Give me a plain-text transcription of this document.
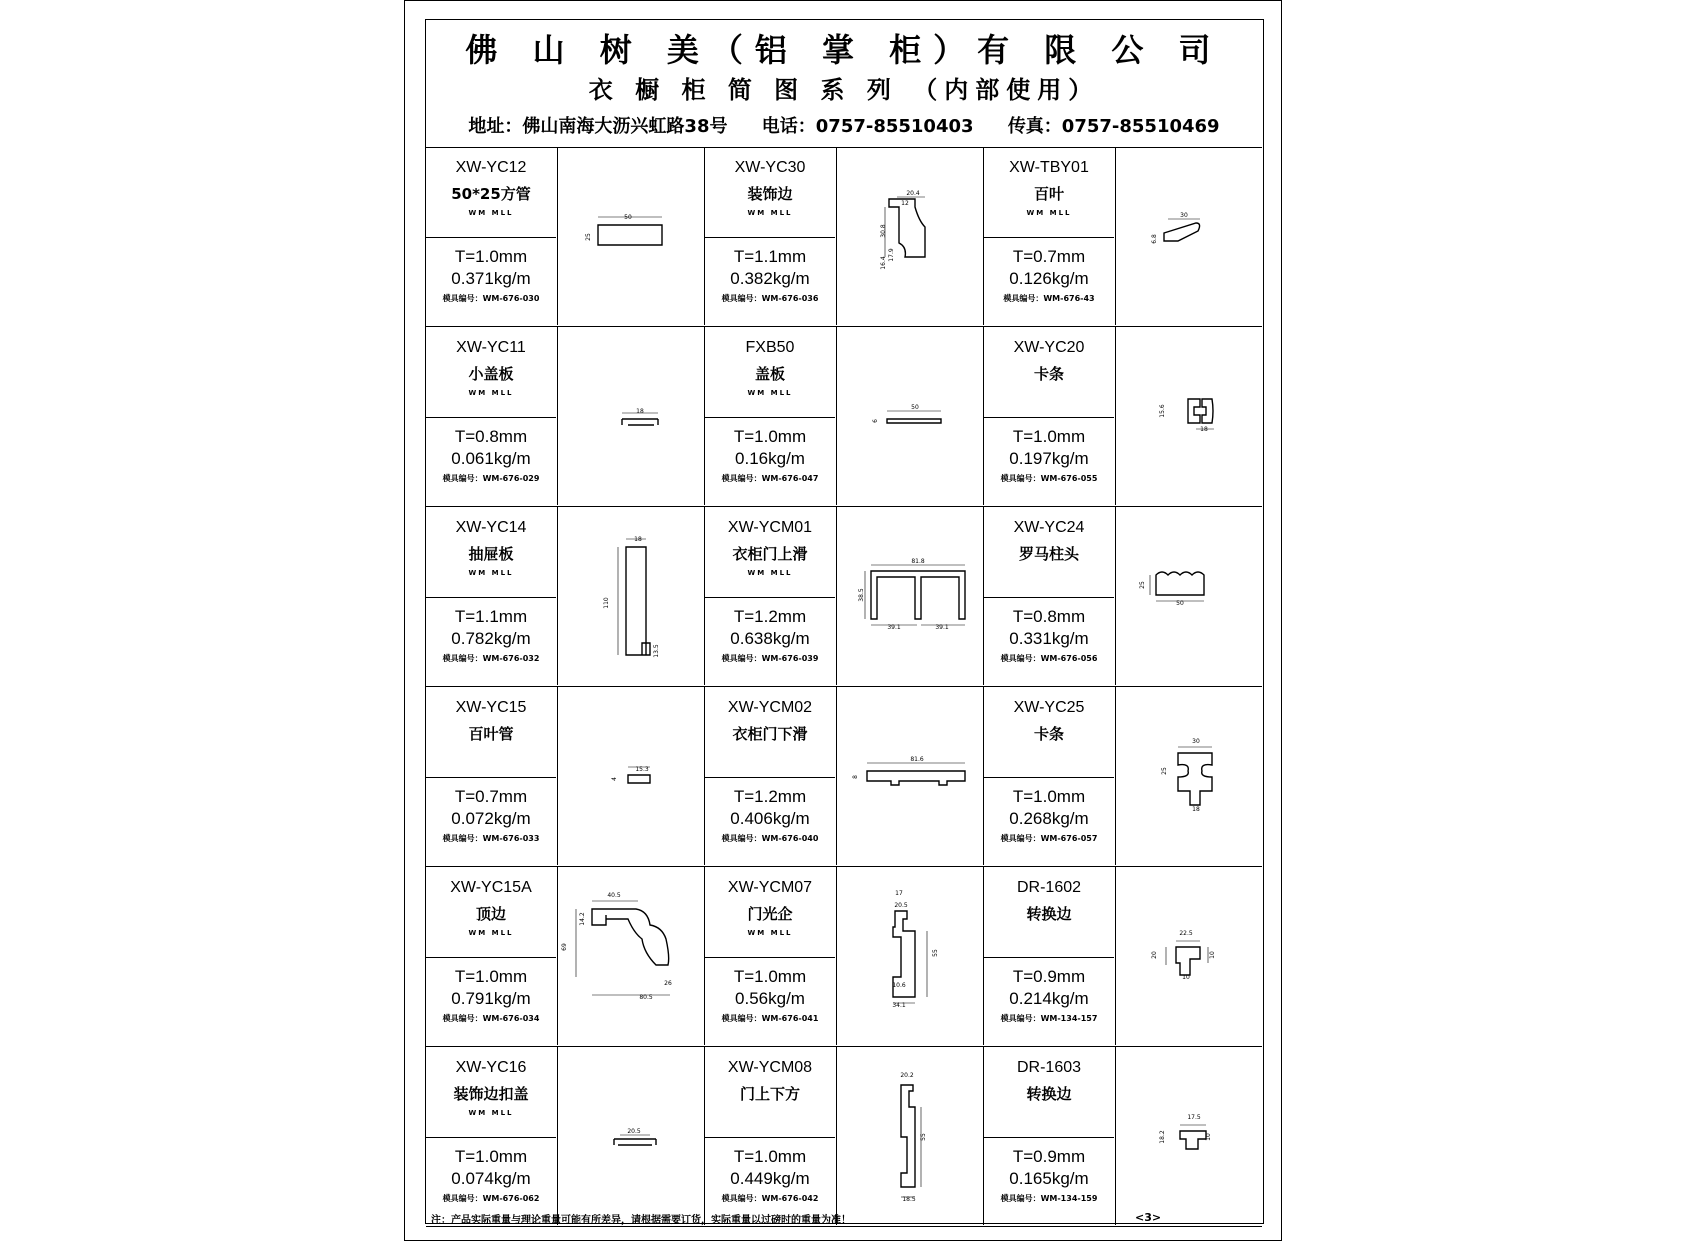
佛 山 树 美（铝 掌 柜）有 限 公 司
衣 橱 柜 简 图 系 列 （内部使用）
地址：佛山南海大沥兴虹路38号 电话：0757-85510403 传真：0757-85510469
XW-YC12
50*25方管
WM MLL
T=1.0mm
0.371kg/m
模具编号：WM-676-030
50
25
XW-YC30
装饰边
WM MLL
T=1.1mm
0.382kg/m
模具编号：WM-676-036
20.4
12
30.8
17.9
16.4
XW-TBY01
百叶
WM MLL
T=0.7mm
0.126kg/m
模具编号：WM-676-43
30
6.8
XW-YC11
小盖板
WM MLL
T=0.8mm
0.061kg/m
模具编号：WM-676-029
18
FXB50
盖板
WM MLL
T=1.0mm
0.16kg/m
模具编号：WM-676-047
50
6
XW-YC20
卡条
T=1.0mm
0.197kg/m
模具编号：WM-676-055
15.6
18
XW-YC14
抽屉板
WM MLL
T=1.1mm
0.782kg/m
模具编号：WM-676-032
18
110
13.5
XW-YCM01
衣柜门上滑
WM MLL
T=1.2mm
0.638kg/m
模具编号：WM-676-039
81.8
38.5
39.1	39.1
XW-YC24
罗马柱头
T=0.8mm
0.331kg/m
模具编号：WM-676-056
25
50
XW-YC15
百叶管
T=0.7mm
0.072kg/m
模具编号：WM-676-033
15.3
4
XW-YCM02
衣柜门下滑
T=1.2mm
0.406kg/m
模具编号：WM-676-040
81.6
8
XW-YC25
卡条
T=1.0mm
0.268kg/m
模具编号：WM-676-057
30
25
18
XW-YC15A
顶边
WM MLL
T=1.0mm
0.791kg/m
模具编号：WM-676-034
40.5
14.2
69
26
80.5
XW-YCM07
门光企
WM MLL
T=1.0mm
0.56kg/m
模具编号：WM-676-041
17
20.5
55
10.6
34.1
DR-1602
转换边
T=0.9mm
0.214kg/m
模具编号：WM-134-157
22.5
20
10
10
XW-YC16
装饰边扣盖
WM MLL
T=1.0mm
0.074kg/m
模具编号：WM-676-062
20.5
XW-YCM08
门上下方
T=1.0mm
0.449kg/m
模具编号：WM-676-042
20.2
55
18.5
DR-1603
转换边
T=0.9mm
0.165kg/m
模具编号：WM-134-159
17.5
18.2	10
注：产品实际重量与理论重量可能有所差异，请根据需要订货，实际重量以过磅时的重量为准！	<3>
